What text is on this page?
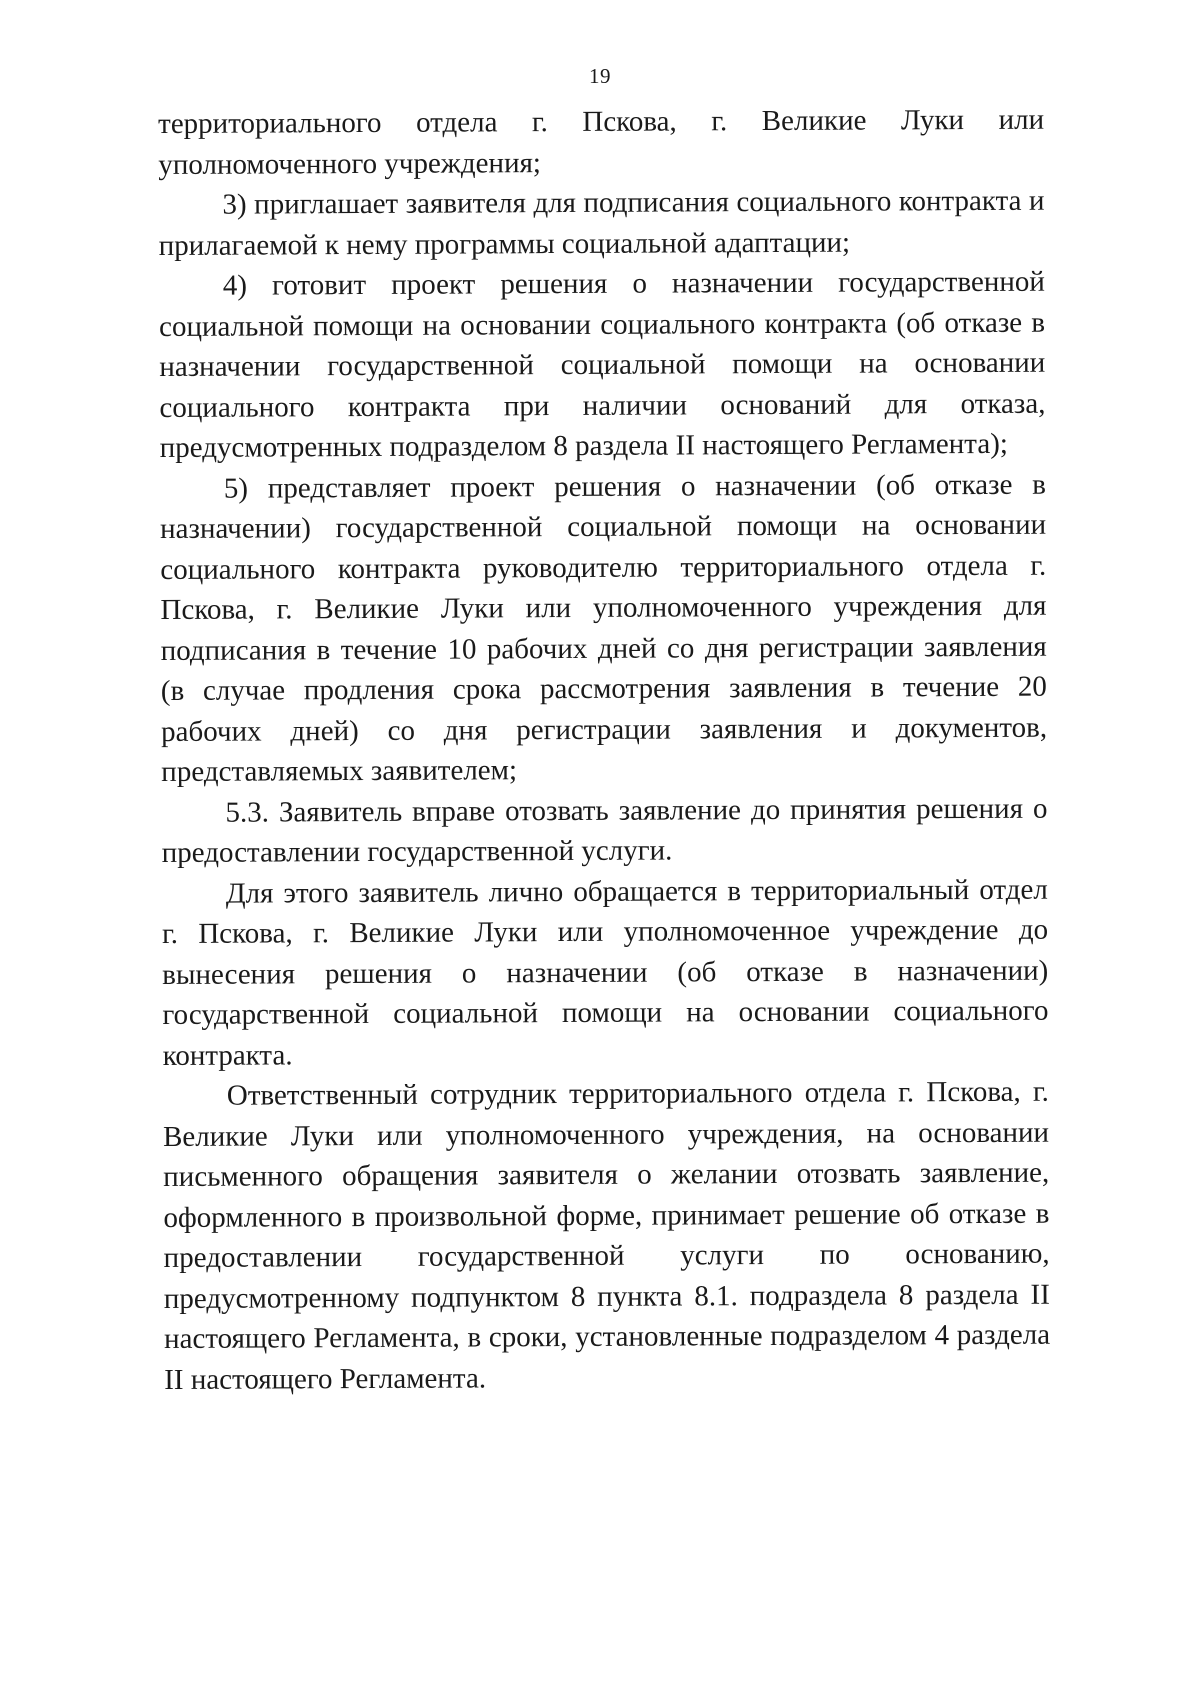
19

территориального отдела г. Пскова, г. Великие Луки или уполномоченного учреждения;

3) приглашает заявителя для подписания социального контракта и прилагаемой к нему программы социальной адаптации;

4) готовит проект решения о назначении государственной социальной помощи на основании социального контракта (об отказе в назначении государственной социальной помощи на основании социального контракта при наличии оснований для отказа, предусмотренных подразделом 8 раздела II настоящего Регламента);

5) представляет проект решения о назначении (об отказе в назначении) государственной социальной помощи на основании социального контракта руководителю территориального отдела г. Пскова, г. Великие Луки или уполномоченного учреждения для подписания в течение 10 рабочих дней со дня регистрации заявления (в случае продления срока рассмотрения заявления в течение 20 рабочих дней) со дня регистрации заявления и документов, представляемых заявителем;

5.3. Заявитель вправе отозвать заявление до принятия решения о предоставлении государственной услуги.

Для этого заявитель лично обращается в территориальный отдел г. Пскова, г. Великие Луки или уполномоченное учреждение до вынесения решения о назначении (об отказе в назначении) государственной социальной помощи на основании социального контракта.

Ответственный сотрудник территориального отдела г. Пскова, г. Великие Луки или уполномоченного учреждения, на основании письменного обращения заявителя о желании отозвать заявление, оформленного в произвольной форме, принимает решение об отказе в предоставлении государственной услуги по основанию, предусмотренному подпунктом 8 пункта 8.1. подраздела 8 раздела II настоящего Регламента, в сроки, установленные подразделом 4 раздела II настоящего Регламента.
